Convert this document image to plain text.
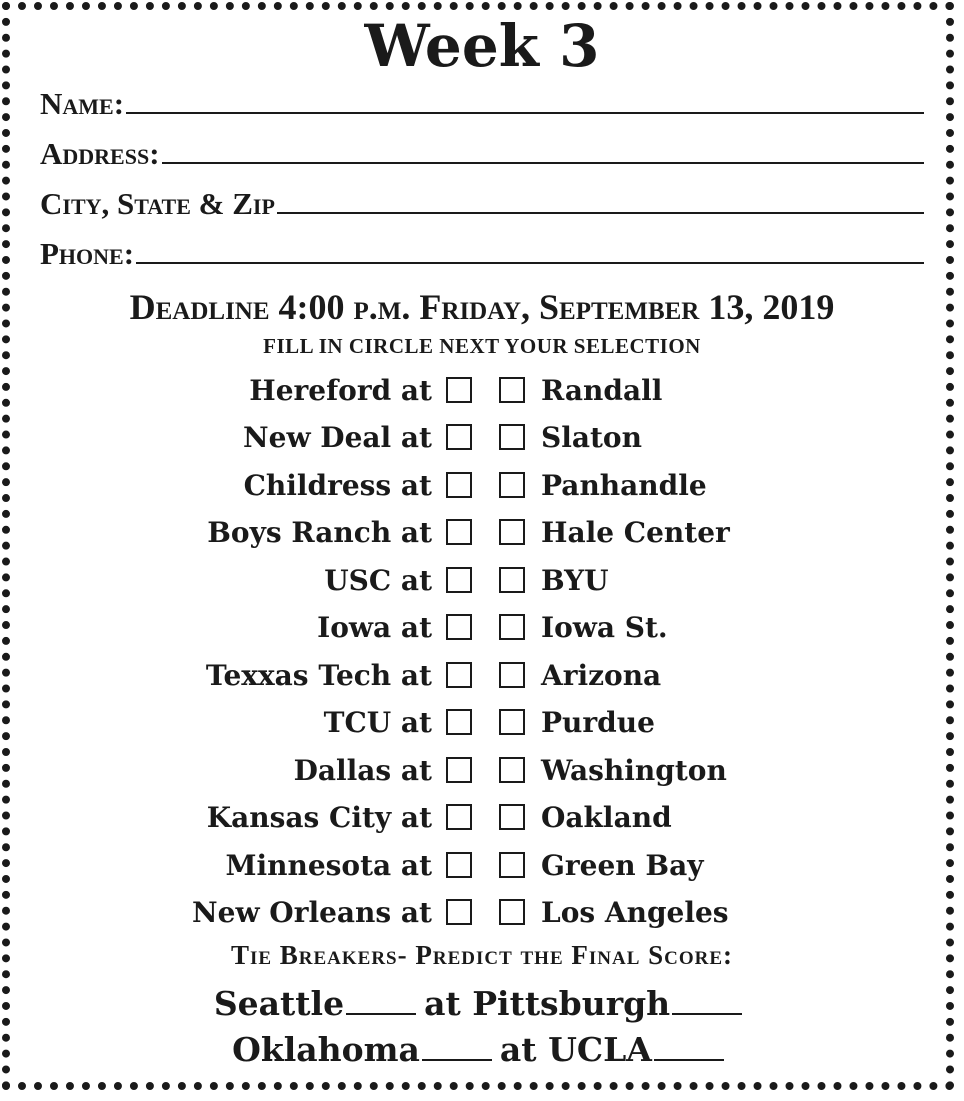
Week 3
Name:
Address:
City, State & Zip
Phone:
Deadline 4:00 p.m. Friday, September 13, 2019
FILL IN CIRCLE NEXT YOUR SELECTION
Hereford at	Randall
New Deal at	Slaton
Childress at	Panhandle
Boys Ranch at	Hale Center
USC at	BYU
Iowa at	Iowa St.
Texxas Tech at	Arizona
TCU at	Purdue
Dallas at	Washington
Kansas City at	Oakland
Minnesota at	Green Bay
New Orleans at	Los Angeles
Tie Breakers- Predict the Final Score:
Seattle at Pittsburgh
Oklahoma at UCLA
